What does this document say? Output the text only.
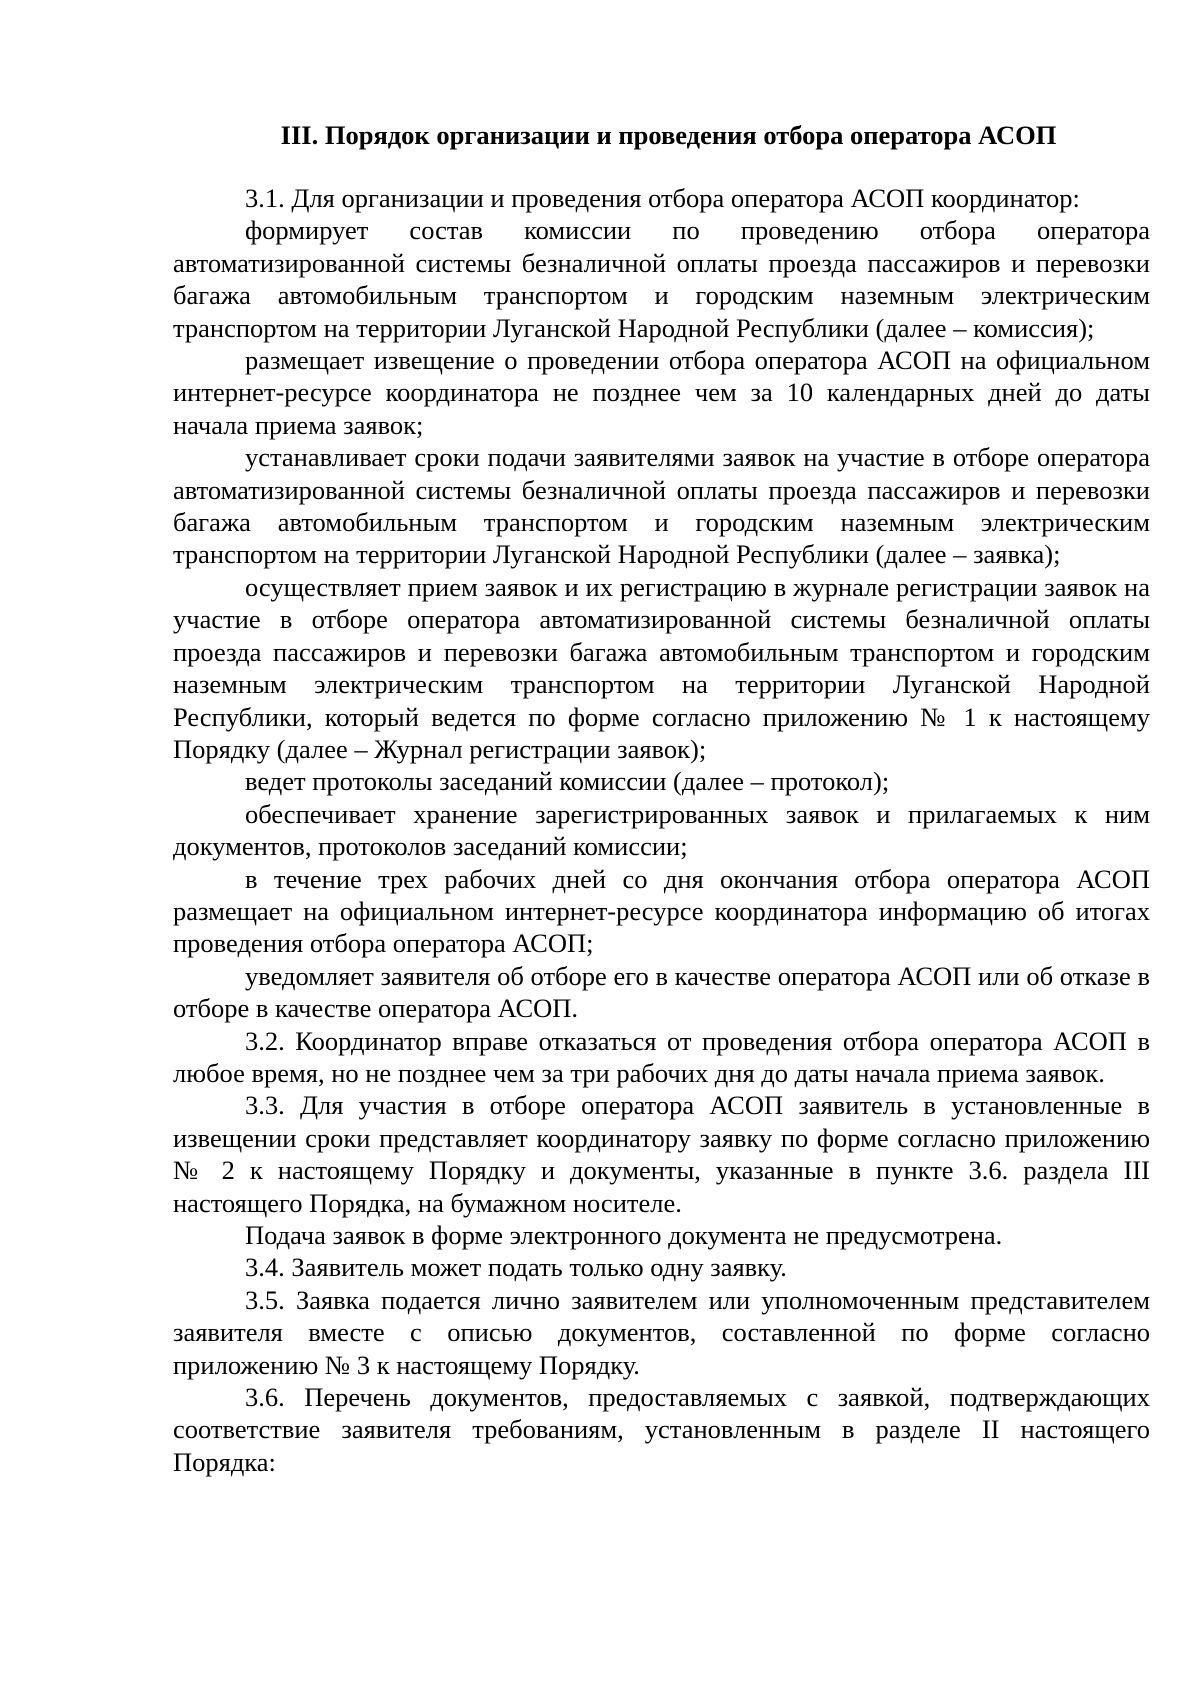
III. Порядок организации и проведения отбора оператора АСОП

3.1. Для организации и проведения отбора оператора АСОП координатор:

формирует состав комиссии по проведению отбора оператора автоматизированной системы безналичной оплаты проезда пассажиров и перевозки багажа автомобильным транспортом и городским наземным электрическим транспортом на территории Луганской Народной Республики (далее – комиссия);

размещает извещение о проведении отбора оператора АСОП на официальном интернет-ресурсе координатора не позднее чем за 10 календарных дней до даты начала приема заявок;

устанавливает сроки подачи заявителями заявок на участие в отборе оператора автоматизированной системы безналичной оплаты проезда пассажиров и перевозки багажа автомобильным транспортом и городским наземным электрическим транспортом на территории Луганской Народной Республики (далее – заявка);

осуществляет прием заявок и их регистрацию в журнале регистрации заявок на участие в отборе оператора автоматизированной системы безналичной оплаты проезда пассажиров и перевозки багажа автомобильным транспортом и городским наземным электрическим транспортом на территории Луганской Народной Республики, который ведется по форме согласно приложению № 1 к настоящему Порядку (далее – Журнал регистрации заявок);

ведет протоколы заседаний комиссии (далее – протокол);

обеспечивает хранение зарегистрированных заявок и прилагаемых к ним документов, протоколов заседаний комиссии;

в течение трех рабочих дней со дня окончания отбора оператора АСОП размещает на официальном интернет-ресурсе координатора информацию об итогах проведения отбора оператора АСОП;

уведомляет заявителя об отборе его в качестве оператора АСОП или об отказе в отборе в качестве оператора АСОП.

3.2. Координатор вправе отказаться от проведения отбора оператора АСОП в любое время, но не позднее чем за три рабочих дня до даты начала приема заявок.

3.3. Для участия в отборе оператора АСОП заявитель в установленные в извещении сроки представляет координатору заявку по форме согласно приложению № 2 к настоящему Порядку и документы, указанные в пункте 3.6. раздела III настоящего Порядка, на бумажном носителе.

Подача заявок в форме электронного документа не предусмотрена.

3.4. Заявитель может подать только одну заявку.

3.5. Заявка подается лично заявителем или уполномоченным представителем заявителя вместе с описью документов, составленной по форме согласно приложению № 3 к настоящему Порядку.

3.6. Перечень документов, предоставляемых с заявкой, подтверждающих соответствие заявителя требованиям, установленным в разделе II настоящего Порядка:
